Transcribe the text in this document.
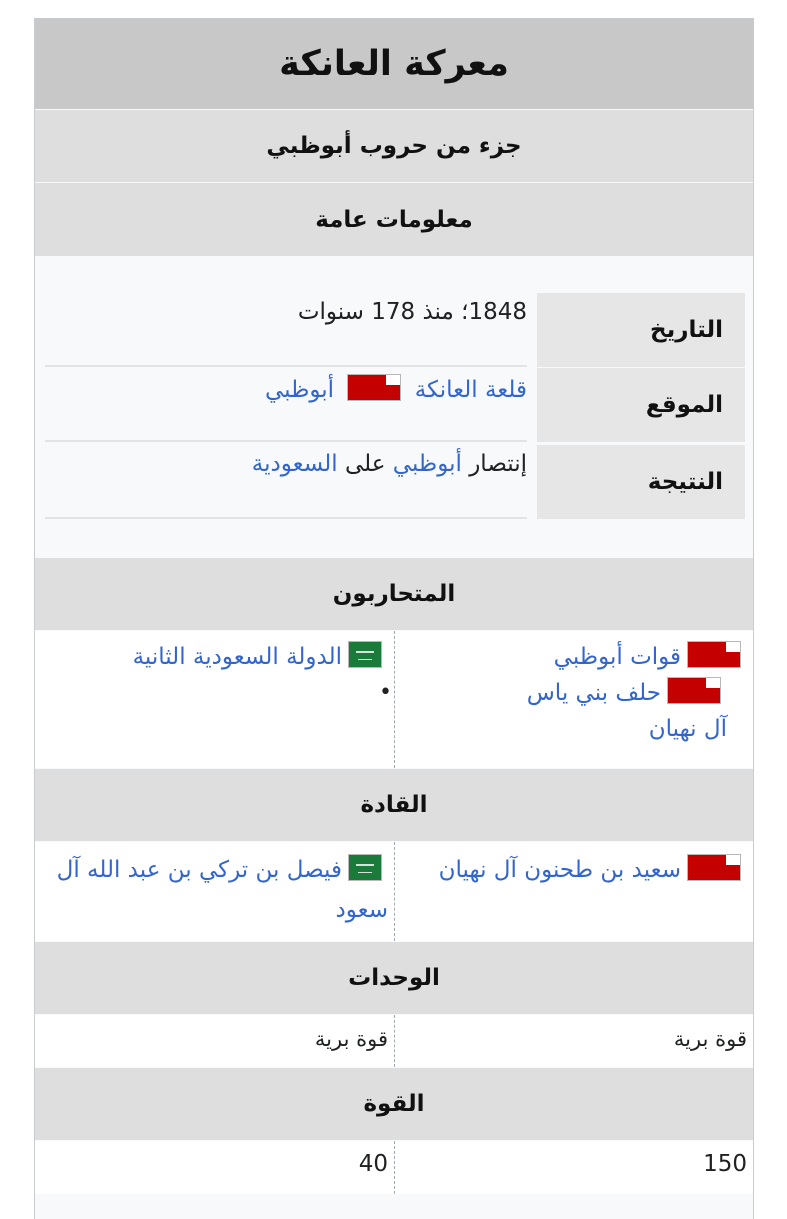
معركة العانكة
جزء من حروب أبوظبي
معلومات عامة
التاريخ
1848؛ منذ 178 سنوات
الموقع
قلعة العانكة  أبوظبي
النتيجة
إنتصار أبوظبي على السعودية
المتحاربون
قوات أبوظبي
•	حلف بني ياس
آل نهيان
الدولة السعودية الثانية
القادة
سعيد بن طحنون آل نهيان
فيصل بن تركي بن عبد الله آل سعود
الوحدات
قوة برية
قوة برية
القوة
150
40
